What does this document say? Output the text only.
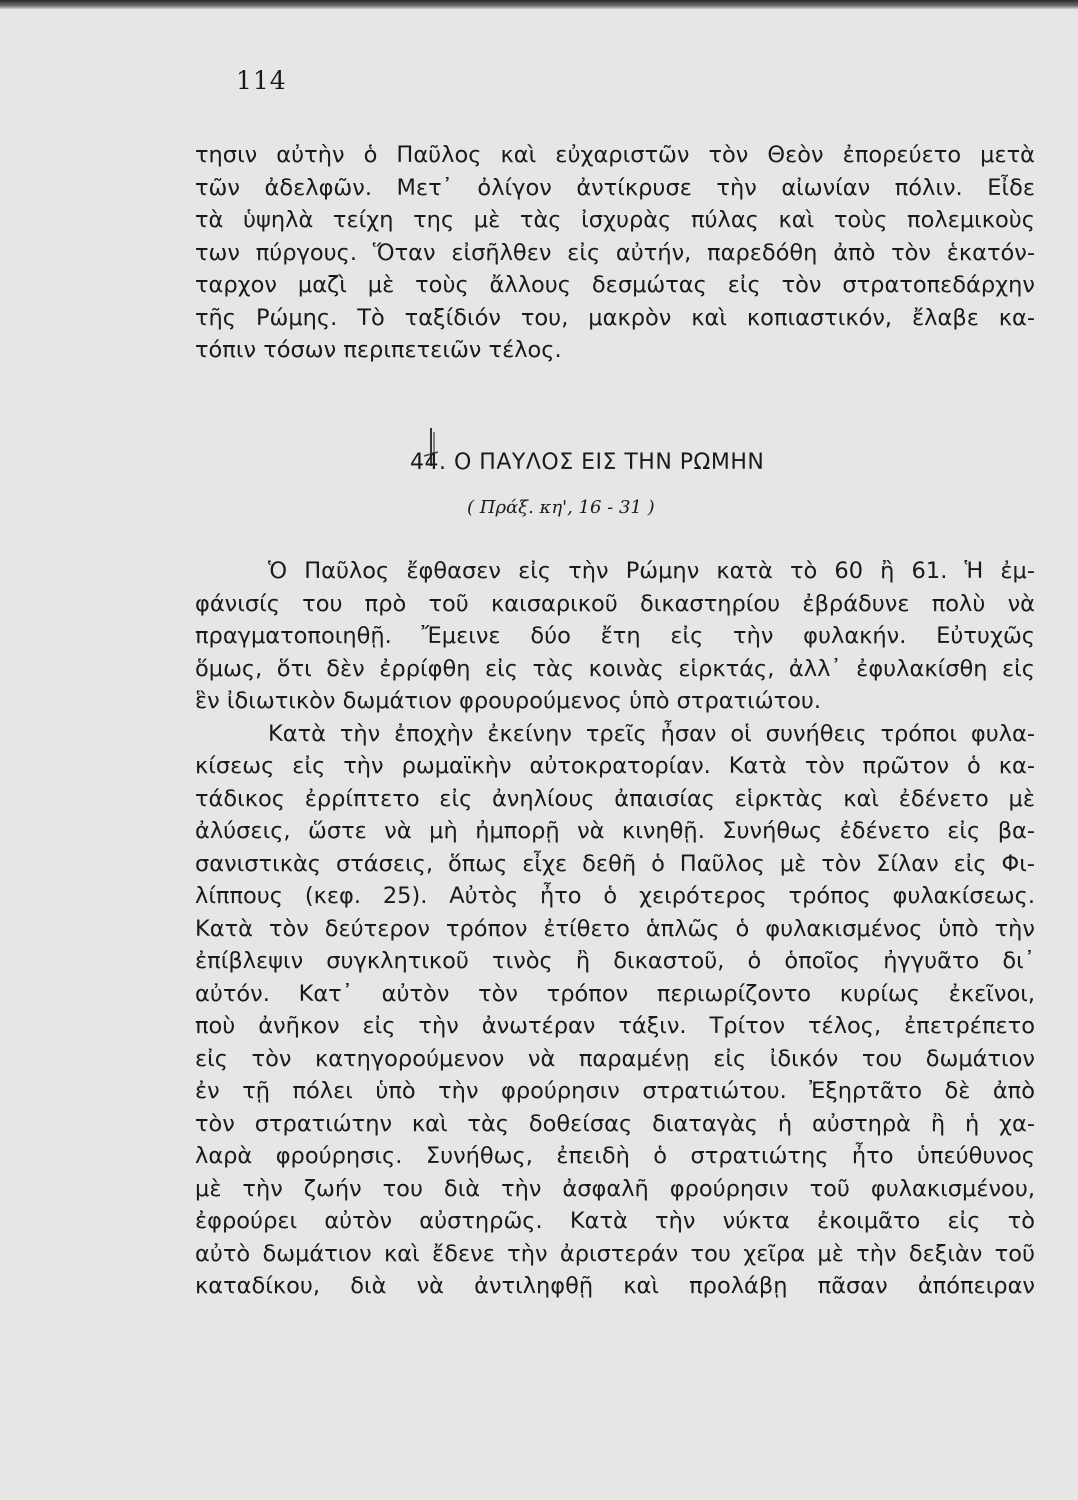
114
τησιν αὐτὴν ὁ Παῦλος καὶ εὐχαριστῶν τὸν Θεὸν ἐπορεύετο μετὰ
τῶν ἀδελφῶν. Μετ᾽ ὀλίγον ἀντίκρυσε τὴν αἰωνίαν πόλιν. Εἶδε
τὰ ὑψηλὰ τείχη της μὲ τὰς ἰσχυρὰς πύλας καὶ τοὺς πολεμικοὺς
των πύργους. Ὅταν εἰσῆλθεν εἰς αὐτήν, παρεδόθη ἀπὸ τὸν ἑκατόν-
ταρχον μαζὶ μὲ τοὺς ἄλλους δεσμώτας εἰς τὸν στρατοπεδάρχην
τῆς Ρώμης. Τὸ ταξίδιόν του, μακρὸν καὶ κοπιαστικόν, ἔλαβε κα-
τόπιν τόσων περιπετειῶν τέλος.
44. Ο ΠΑΥΛΟΣ ΕΙΣ ΤΗΝ ΡΩΜΗΝ
( Πράξ. κη', 16 - 31 )
Ὁ Παῦλος ἔφθασεν εἰς τὴν Ρώμην κατὰ τὸ 60 ἢ 61. Ἡ ἐμ-
φάνισίς του πρὸ τοῦ καισαρικοῦ δικαστηρίου ἐβράδυνε πολὺ νὰ
πραγματοποιηθῇ. Ἔμεινε δύο ἔτη εἰς τὴν φυλακήν. Εὐτυχῶς
ὅμως, ὅτι δὲν ἐρρίφθη εἰς τὰς κοινὰς εἱρκτάς, ἀλλ᾽ ἐφυλακίσθη εἰς
ἓν ἰδιωτικὸν δωμάτιον φρουρούμενος ὑπὸ στρατιώτου.
Κατὰ τὴν ἐποχὴν ἐκείνην τρεῖς ἦσαν οἱ συνήθεις τρόποι φυλα-
κίσεως εἰς τὴν ρωμαϊκὴν αὐτοκρατορίαν. Κατὰ τὸν πρῶτον ὁ κα-
τάδικος ἐρρίπτετο εἰς ἀνηλίους ἀπαισίας εἱρκτὰς καὶ ἐδένετο μὲ
ἀλύσεις, ὥστε νὰ μὴ ἠμπορῇ νὰ κινηθῇ. Συνήθως ἐδένετο εἰς βα-
σανιστικὰς στάσεις, ὅπως εἶχε δεθῆ ὁ Παῦλος μὲ τὸν Σίλαν εἰς Φι-
λίππους (κεφ. 25). Αὐτὸς ἦτο ὁ χειρότερος τρόπος φυλακίσεως.
Κατὰ τὸν δεύτερον τρόπον ἐτίθετο ἁπλῶς ὁ φυλακισμένος ὑπὸ τὴν
ἐπίβλεψιν συγκλητικοῦ τινὸς ἢ δικαστοῦ, ὁ ὁποῖος ἠγγυᾶτο δι᾽
αὐτόν. Κατ᾽ αὐτὸν τὸν τρόπον περιωρίζοντο κυρίως ἐκεῖνοι,
ποὺ ἀνῆκον εἰς τὴν ἀνωτέραν τάξιν. Τρίτον τέλος, ἐπετρέπετο
εἰς τὸν κατηγορούμενον νὰ παραμένῃ εἰς ἰδικόν του δωμάτιον
ἐν τῇ πόλει ὑπὸ τὴν φρούρησιν στρατιώτου. Ἐξηρτᾶτο δὲ ἀπὸ
τὸν στρατιώτην καὶ τὰς δοθείσας διαταγὰς ἡ αὐστηρὰ ἢ ἡ χα-
λαρὰ φρούρησις. Συνήθως, ἐπειδὴ ὁ στρατιώτης ἦτο ὑπεύθυνος
μὲ τὴν ζωήν του διὰ τὴν ἀσφαλῆ φρούρησιν τοῦ φυλακισμένου,
ἐφρούρει αὐτὸν αὐστηρῶς. Κατὰ τὴν νύκτα ἐκοιμᾶτο εἰς τὸ
αὐτὸ δωμάτιον καὶ ἔδενε τὴν ἀριστεράν του χεῖρα μὲ τὴν δεξιὰν τοῦ
καταδίκου, διὰ νὰ ἀντιληφθῇ καὶ προλάβῃ πᾶσαν ἀπόπειραν
